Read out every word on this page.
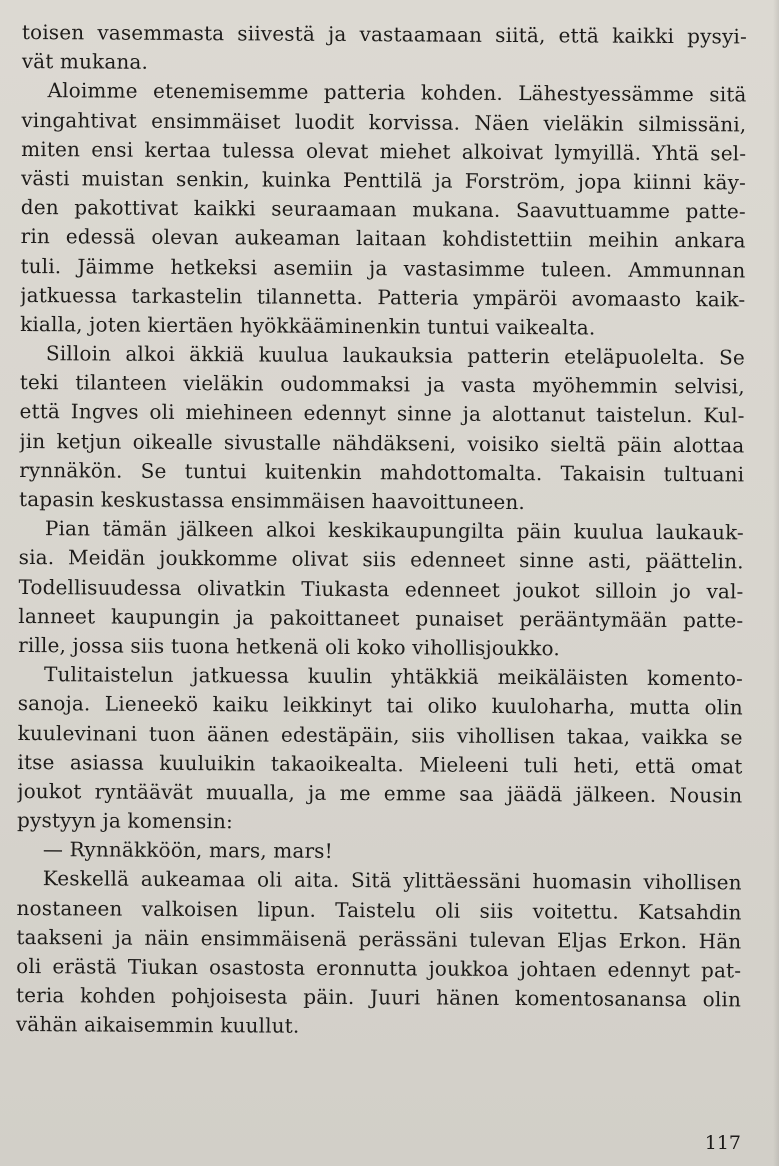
toisen vasemmasta siivestä ja vastaamaan siitä, että kaikki pysyi-
vät mukana.
Aloimme etenemisemme patteria kohden. Lähestyessämme sitä
vingahtivat ensimmäiset luodit korvissa. Näen vieläkin silmissäni,
miten ensi kertaa tulessa olevat miehet alkoivat lymyillä. Yhtä sel-
västi muistan senkin, kuinka Penttilä ja Forström, jopa kiinni käy-
den pakottivat kaikki seuraamaan mukana. Saavuttuamme patte-
rin edessä olevan aukeaman laitaan kohdistettiin meihin ankara
tuli. Jäimme hetkeksi asemiin ja vastasimme tuleen. Ammunnan
jatkuessa tarkastelin tilannetta. Patteria ympäröi avomaasto kaik-
kialla, joten kiertäen hyökkääminenkin tuntui vaikealta.
Silloin alkoi äkkiä kuulua laukauksia patterin eteläpuolelta. Se
teki tilanteen vieläkin oudommaksi ja vasta myöhemmin selvisi,
että Ingves oli miehineen edennyt sinne ja alottanut taistelun. Kul-
jin ketjun oikealle sivustalle nähdäkseni, voisiko sieltä päin alottaa
rynnäkön. Se tuntui kuitenkin mahdottomalta. Takaisin tultuani
tapasin keskustassa ensimmäisen haavoittuneen.
Pian tämän jälkeen alkoi keskikaupungilta päin kuulua laukauk-
sia. Meidän joukkomme olivat siis edenneet sinne asti, päättelin.
Todellisuudessa olivatkin Tiukasta edenneet joukot silloin jo val-
lanneet kaupungin ja pakoittaneet punaiset perääntymään patte-
rille, jossa siis tuona hetkenä oli koko vihollisjoukko.
Tulitaistelun jatkuessa kuulin yhtäkkiä meikäläisten komento-
sanoja. Lieneekö kaiku leikkinyt tai oliko kuuloharha, mutta olin
kuulevinani tuon äänen edestäpäin, siis vihollisen takaa, vaikka se
itse asiassa kuuluikin takaoikealta. Mieleeni tuli heti, että omat
joukot ryntäävät muualla, ja me emme saa jäädä jälkeen. Nousin
pystyyn ja komensin:
— Rynnäkköön, mars, mars!
Keskellä aukeamaa oli aita. Sitä ylittäessäni huomasin vihollisen
nostaneen valkoisen lipun. Taistelu oli siis voitettu. Katsahdin
taakseni ja näin ensimmäisenä perässäni tulevan Eljas Erkon. Hän
oli erästä Tiukan osastosta eronnutta joukkoa johtaen edennyt pat-
teria kohden pohjoisesta päin. Juuri hänen komentosanansa olin
vähän aikaisemmin kuullut.
117
